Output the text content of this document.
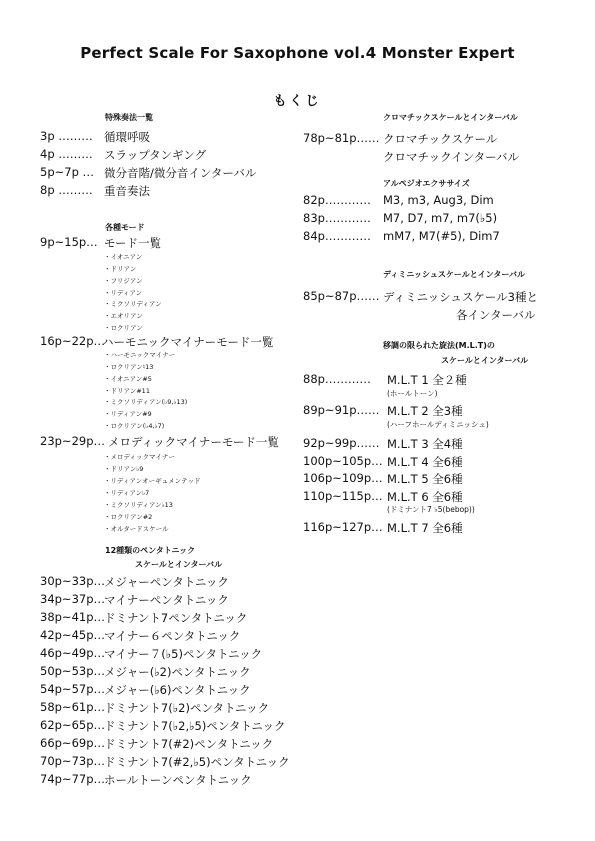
Perfect Scale For Saxophone vol.4 Monster Expert
もくじ
特殊奏法一覧
3p ……… 循環呼吸
4p ……… スラップタンギング
5p~7p … 微分音階/微分音インターバル
8p ……… 重音奏法
各種モード
9p~15p… モード一覧
・イオニアン
・ドリアン
・フリジアン
・リディアン
・ミクソリディアン
・エオリアン
・ロクリアン
16p~22p…
ハーモニックマイナーモード一覧
・ハーモニックマイナー
・ロクリアン♮13
・イオニアン#5
・ドリアン#11
・ミクソリディアン(♭9,♭13)
・リディアン#9
・ロクリアン(♭4,♭7)
23p~29p… メロディックマイナーモード一覧
・メロディックマイナー
・ドリアン♭9
・リディアンオーギュメンテッド
・リディアン♭7
・ミクソリディアン♭13
・ロクリアン#2
・オルタードスケール
12種類のペンタトニック
スケールとインターバル
30p~33p…
メジャーペンタトニック
34p~37p…
マイナーペンタトニック
38p~41p…
ドミナント7ペンタトニック
42p~45p…
マイナー６ペンタトニック
46p~49p…
マイナー７(♭5)ペンタトニック
50p~53p…
メジャー(♭2)ペンタトニック
54p~57p…
メジャー(♭6)ペンタトニック
58p~61p…
ドミナント7(♭2)ペンタトニック
62p~65p…
ドミナント7(♭2,♭5)ペンタトニック
66p~69p…
ドミナント7(#2)ペンタトニック
70p~73p…
ドミナント7(#2,♭5)ペンタトニック
74p~77p…
ホールトーンペンタトニック
クロマチックスケールとインターバル
78p~81p…… クロマチックスケール
クロマチックインターバル
アルペジオエクササイズ
82p………… M3, m3, Aug3, Dim
83p………… M7, D7, m7, m7(♭5)
84p………… mM7, M7(#5), Dim7
ディミニッシュスケールとインターバル
85p~87p…… ディミニッシュスケール3種と
各インターバル
移調の限られた旋法(M.L.T)の
スケールとインターバル
88p………… M.L.T 1 全２種
(ホールトーン)
89p~91p…… M.L.T 2 全3種
(ハーフホールディミニッシュ)
92p~99p…… M.L.T 3 全4種
100p~105p… M.L.T 4 全6種
106p~109p… M.L.T 5 全6種
110p~115p… M.L.T 6 全6種
(ドミナント7 ♭5(bebop))
116p~127p… M.L.T 7 全6種
